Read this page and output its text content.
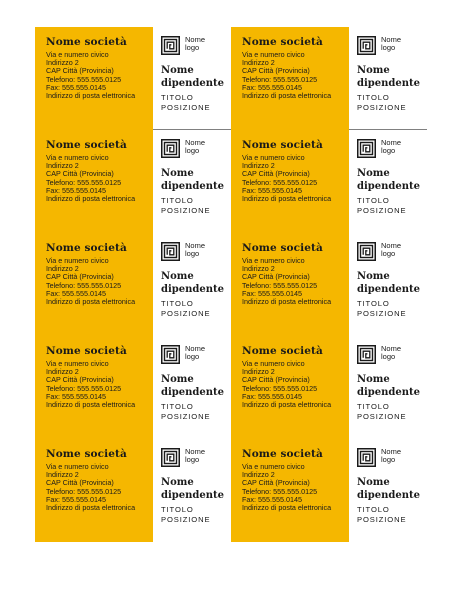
Nome società
Via e numero civico
Indirizzo 2
CAP Città (Provincia)
Telefono: 555.555.0125
Fax: 555.555.0145
Indirizzo di posta elettronica
Nome logo
Nome dipendente
TITOLO POSIZIONE
Nome società
Via e numero civico
Indirizzo 2
CAP Città (Provincia)
Telefono: 555.555.0125
Fax: 555.555.0145
Indirizzo di posta elettronica
Nome logo
Nome dipendente
TITOLO POSIZIONE
Nome società
Via e numero civico
Indirizzo 2
CAP Città (Provincia)
Telefono: 555.555.0125
Fax: 555.555.0145
Indirizzo di posta elettronica
Nome logo
Nome dipendente
TITOLO POSIZIONE
Nome società
Via e numero civico
Indirizzo 2
CAP Città (Provincia)
Telefono: 555.555.0125
Fax: 555.555.0145
Indirizzo di posta elettronica
Nome logo
Nome dipendente
TITOLO POSIZIONE
Nome società
Via e numero civico
Indirizzo 2
CAP Città (Provincia)
Telefono: 555.555.0125
Fax: 555.555.0145
Indirizzo di posta elettronica
Nome logo
Nome dipendente
TITOLO POSIZIONE
Nome società
Via e numero civico
Indirizzo 2
CAP Città (Provincia)
Telefono: 555.555.0125
Fax: 555.555.0145
Indirizzo di posta elettronica
Nome logo
Nome dipendente
TITOLO POSIZIONE
Nome società
Via e numero civico
Indirizzo 2
CAP Città (Provincia)
Telefono: 555.555.0125
Fax: 555.555.0145
Indirizzo di posta elettronica
Nome logo
Nome dipendente
TITOLO POSIZIONE
Nome società
Via e numero civico
Indirizzo 2
CAP Città (Provincia)
Telefono: 555.555.0125
Fax: 555.555.0145
Indirizzo di posta elettronica
Nome logo
Nome dipendente
TITOLO POSIZIONE
Nome società
Via e numero civico
Indirizzo 2
CAP Città (Provincia)
Telefono: 555.555.0125
Fax: 555.555.0145
Indirizzo di posta elettronica
Nome logo
Nome dipendente
TITOLO POSIZIONE
Nome società
Via e numero civico
Indirizzo 2
CAP Città (Provincia)
Telefono: 555.555.0125
Fax: 555.555.0145
Indirizzo di posta elettronica
Nome logo
Nome dipendente
TITOLO POSIZIONE
